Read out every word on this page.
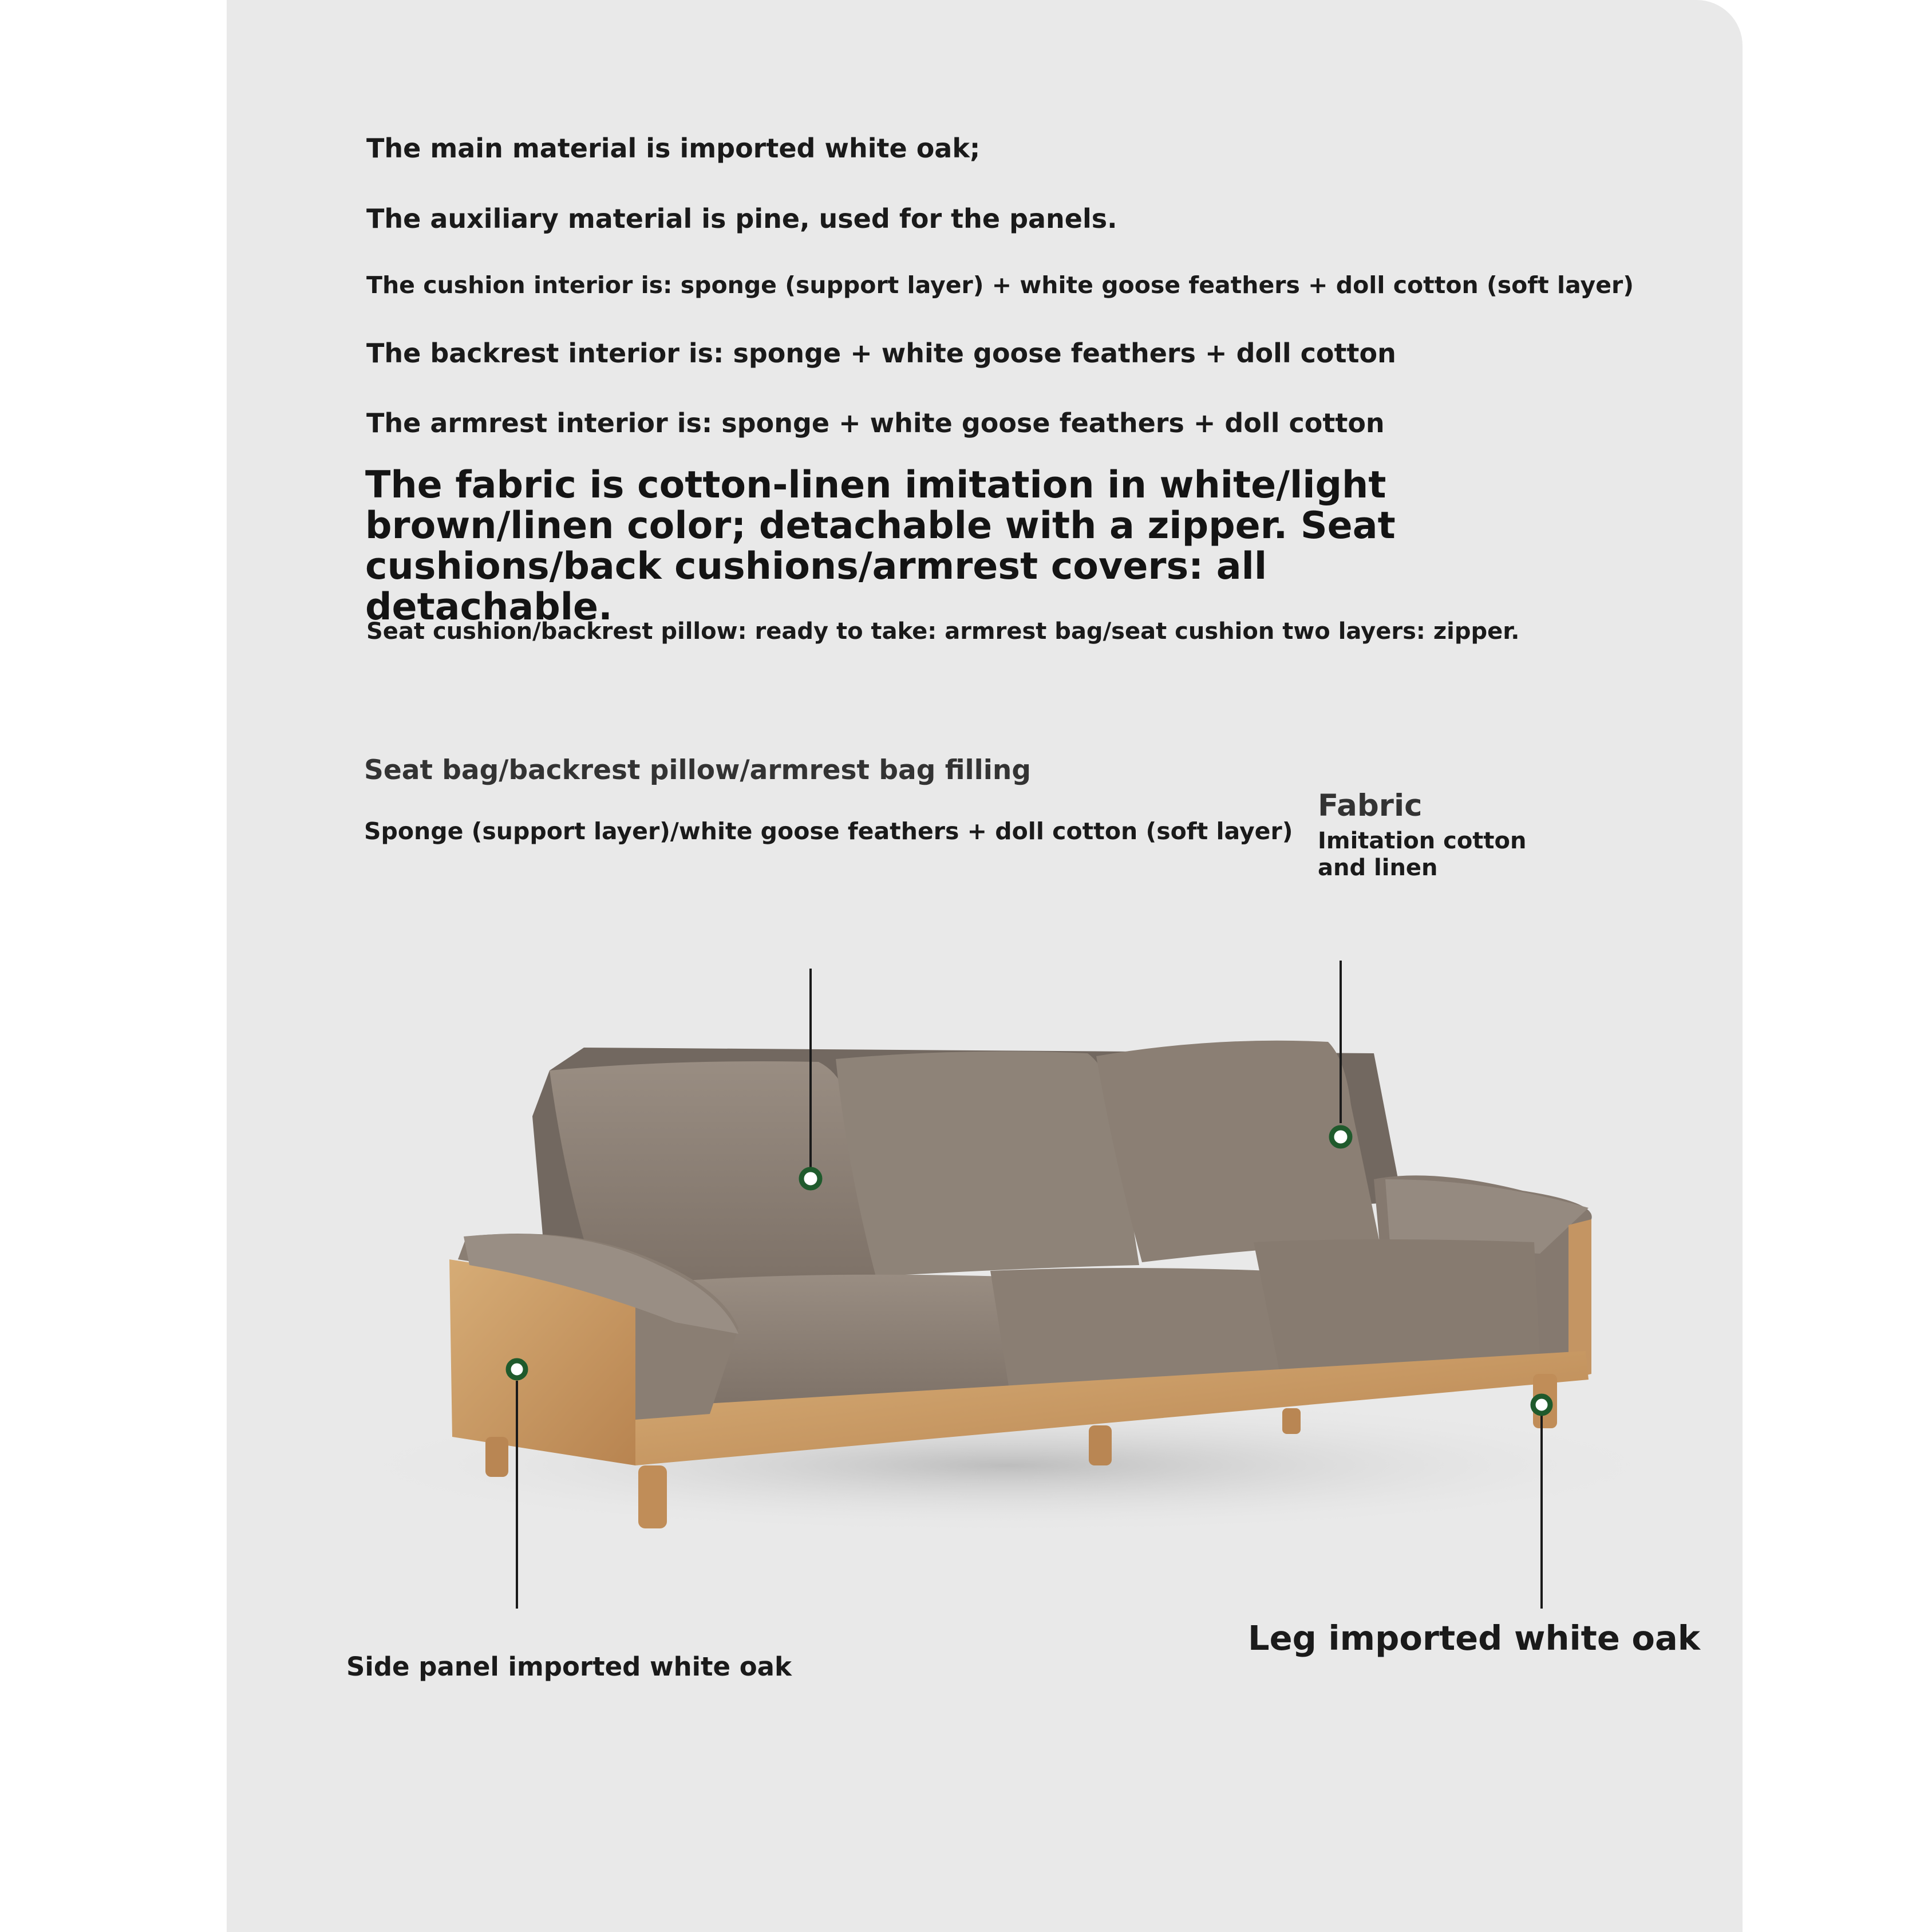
The main material is imported white oak;

The auxiliary material is pine, used for the panels.

The cushion interior is: sponge (support layer) + white goose feathers + doll cotton (soft layer)

The backrest interior is: sponge + white goose feathers + doll cotton

The armrest interior is: sponge + white goose feathers + doll cotton

The fabric is cotton-linen imitation in white/light brown/linen color; detachable with a zipper. Seat cushions/back cushions/armrest covers: all detachable.

Seat cushion/backrest pillow: ready to take: armrest bag/seat cushion two layers: zipper.

Seat bag/backrest pillow/armrest bag filling

Sponge (support layer)/white goose feathers + doll cotton (soft layer)

Fabric

Imitation cotton and linen

Side panel imported white oak

Leg imported white oak
